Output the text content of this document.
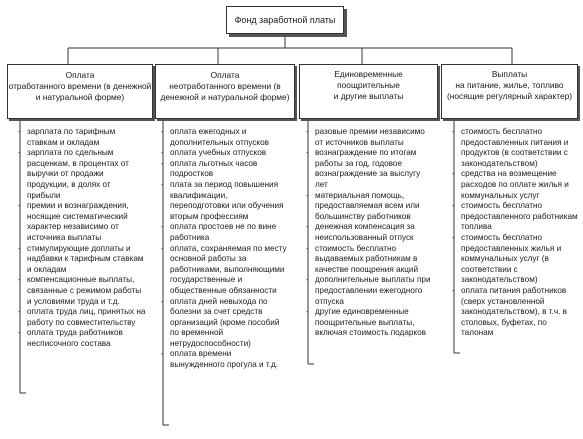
Фонд заработной платы
Оплата
отработанного времени (в денежной и натуральной форме)
Оплата
неотработанного времени (в денежной и натуральной форме)
Единовременные
поощрительные
и другие выплаты
Выплаты
на питание, жилье, топливо
(носящие регулярный характер)
- зарплата по тарифным ставкам и окладам
- зарплата по сдельным расценкам, в процентах от выручки от продажи продукции, в долях от прибыли
- премии и вознаграждения, носящие систематический характер независимо от источника выплаты
- стимулирующие доплаты и надбавки к тарифным ставкам и окладам
- компенсационные выплаты, связанные с режимом работы и условиями труда и т.д.
- оплата труда лиц, принятых на работу по совместительству
- оплата труда работников несписочного состава
- оплата ежегодных и дополнительных отпусков
- оплата учебных отпусков
- оплата льготных часов подростков
- плата за период повышения квалификации, переподготовки или обучения вторым профессиям
- оплата простоев не по вине работника
- оплата, сохраняемая по месту основной работы за работниками, выполняющими государственные и общественные обязанности
- оплата дней невыхода по болезни за счет средств организаций (кроме пособий по временной нетрудоспособности)
- оплата времени вынужденного прогула и т.д.
- разовые премии независимо от источников выплаты
- вознаграждение по итогам работы за год, годовое вознаграждение за выслугу лет
- материальная помощь, предоставляемая всем или большинству работников
- денежная компенсация за неиспользованный отпуск
- стоимость бесплатно выдаваемых работникам в качестве поощрения акций
- дополнительные выплаты при предоставлении ежегодного отпуска
- другие единовременные поощрительные выплаты, включая стоимость подарков
- стоимость бесплатно предоставленных питания и продуктов (в соответствии с законодательством)
- средства на возмещение расходов по оплате жилья и коммунальных услуг
- стоимость бесплатно предоставленного работникам топлива
- стоимость бесплатно предоставленных жилья и коммунальных услуг (в соответствии с законодательством)
- оплата питания работников (сверх установленной законодательством), в т.ч. в столовых, буфетах, по талонам
